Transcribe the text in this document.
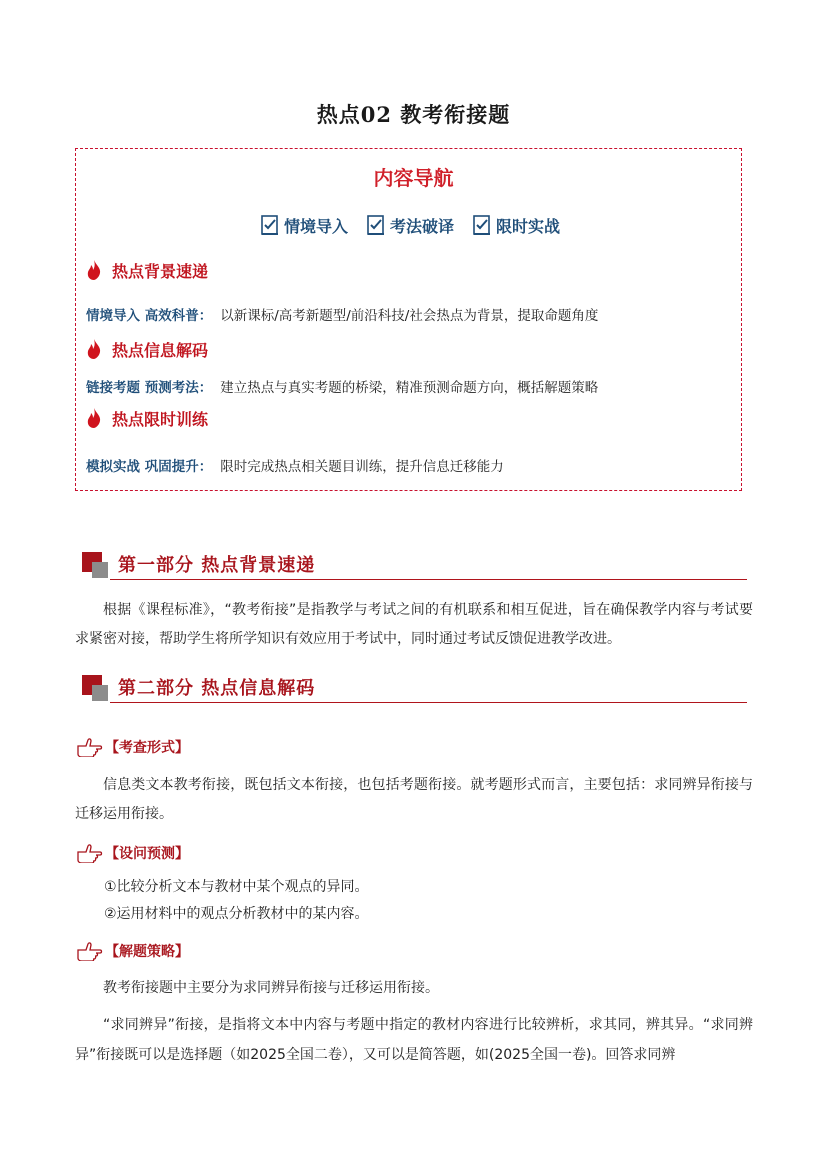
热点02 教考衔接题
内容导航
情境导入	考法破译	限时实战
热点背景速递
情境导入 高效科普： 以新课标/高考新题型/前沿科技/社会热点为背景，提取命题角度
热点信息解码
链接考题 预测考法： 建立热点与真实考题的桥梁，精准预测命题方向，概括解题策略
热点限时训练
模拟实战 巩固提升： 限时完成热点相关题目训练，提升信息迁移能力
第一部分 热点背景速递
根据《课程标准》，“教考衔接”是指教学与考试之间的有机联系和相互促进，旨在确保教学内容与考试要求紧密对接，帮助学生将所学知识有效应用于考试中，同时通过考试反馈促进教学改进。
第二部分 热点信息解码
【考查形式】
信息类文本教考衔接，既包括文本衔接，也包括考题衔接。就考题形式而言，主要包括：求同辨异衔接与迁移运用衔接。
【设问预测】
①比较分析文本与教材中某个观点的异同。
②运用材料中的观点分析教材中的某内容。
【解题策略】
教考衔接题中主要分为求同辨异衔接与迁移运用衔接。
“求同辨异”衔接，是指将文本中内容与考题中指定的教材内容进行比较辨析，求其同，辨其异。“求同辨异”衔接既可以是选择题（如2025全国二卷），又可以是简答题，如(2025全国一卷)。回答求同辨
